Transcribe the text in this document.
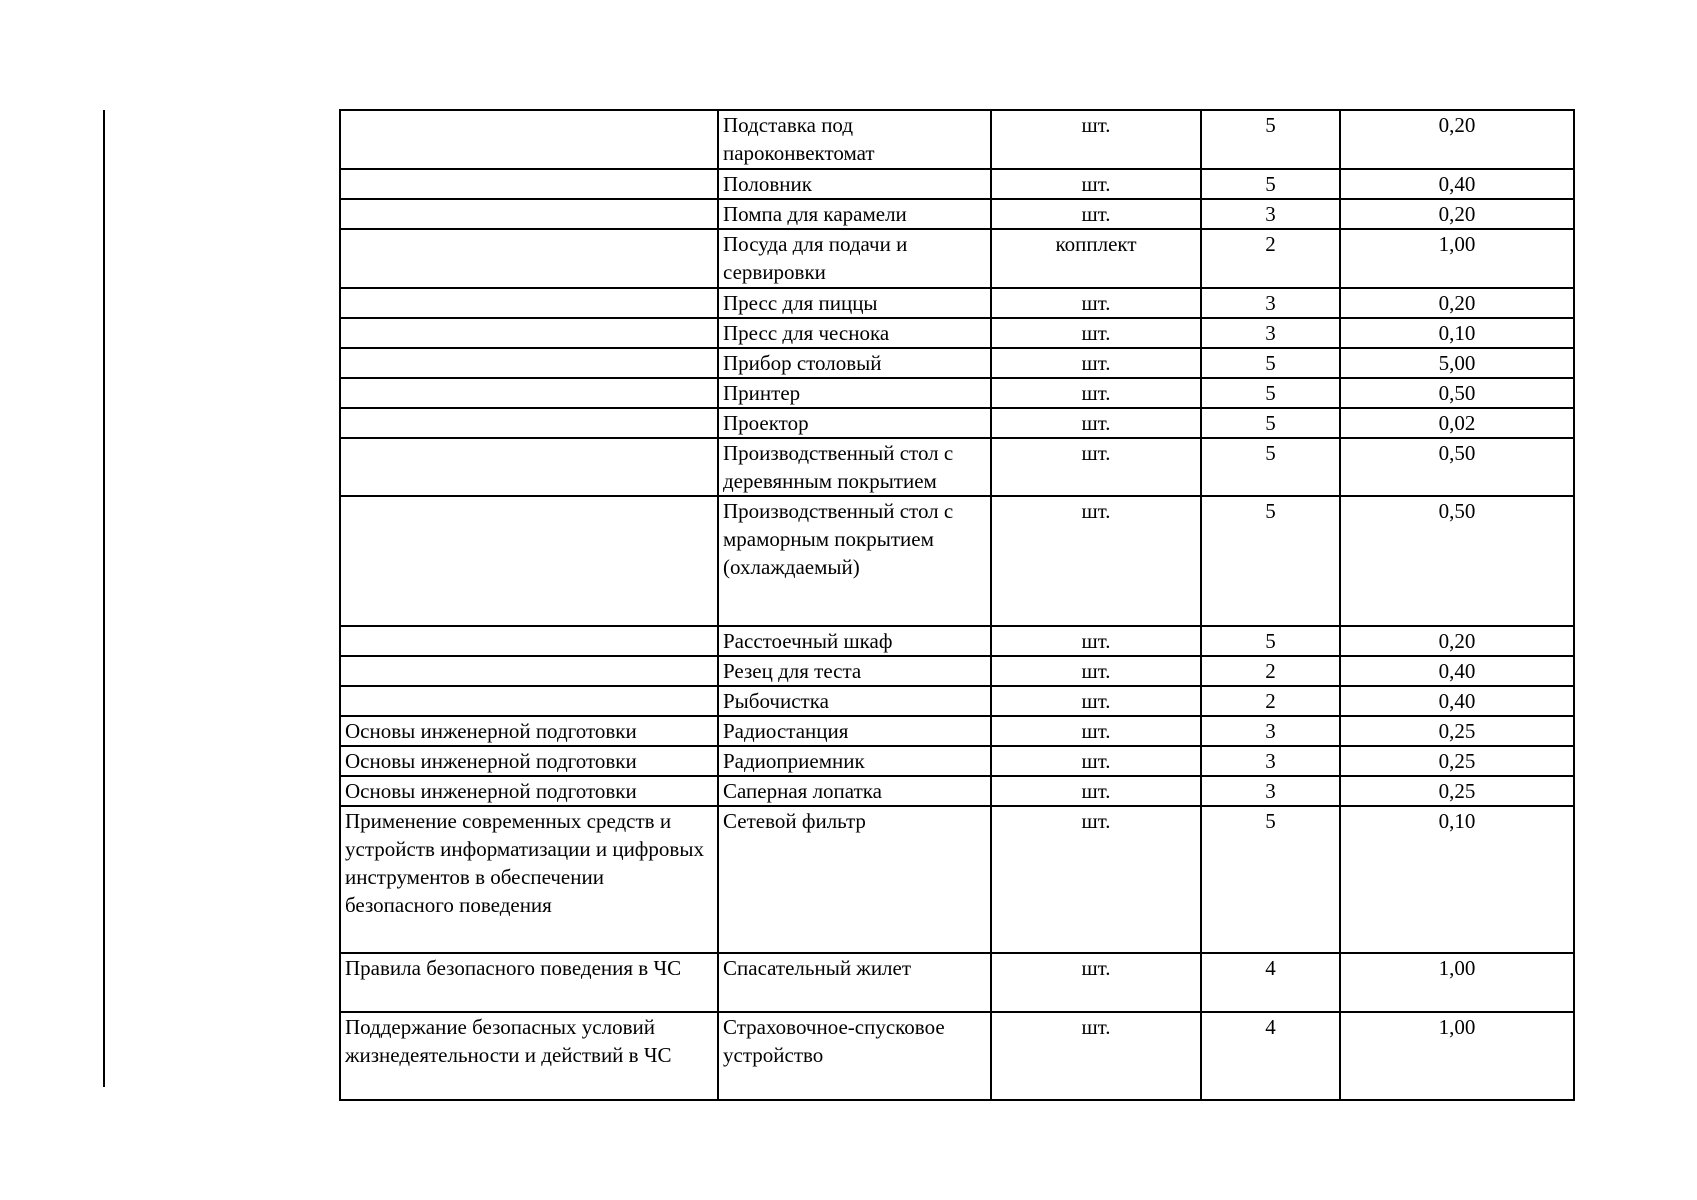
	Подставка под пароконвектомат	шт.	5	0,20
	Половник	шт.	5	0,40
	Помпа для карамели	шт.	3	0,20
	Посуда для подачи и сервировки	копплект	2	1,00
	Пресс для пиццы	шт.	3	0,20
	Пресс для чеснока	шт.	3	0,10
	Прибор столовый	шт.	5	5,00
	Принтер	шт.	5	0,50
	Проектор	шт.	5	0,02
	Производственный стол с деревянным покрытием	шт.	5	0,50
	Производственный стол с мраморным покрытием (охлаждаемый)	шт.	5	0,50
	Расстоечный шкаф	шт.	5	0,20
	Резец для теста	шт.	2	0,40
	Рыбочистка	шт.	2	0,40
Основы инженерной подготовки	Радиостанция	шт.	3	0,25
Основы инженерной подготовки	Радиоприемник	шт.	3	0,25
Основы инженерной подготовки	Саперная лопатка	шт.	3	0,25
Применение современных средств и устройств информатизации и цифровых инструментов в обеспечении безопасного поведения	Сетевой фильтр	шт.	5	0,10
Правила безопасного поведения в ЧС	Спасательный жилет	шт.	4	1,00
Поддержание безопасных условий жизнедеятельности и действий в ЧС	Страховочное-спусковое устройство	шт.	4	1,00
